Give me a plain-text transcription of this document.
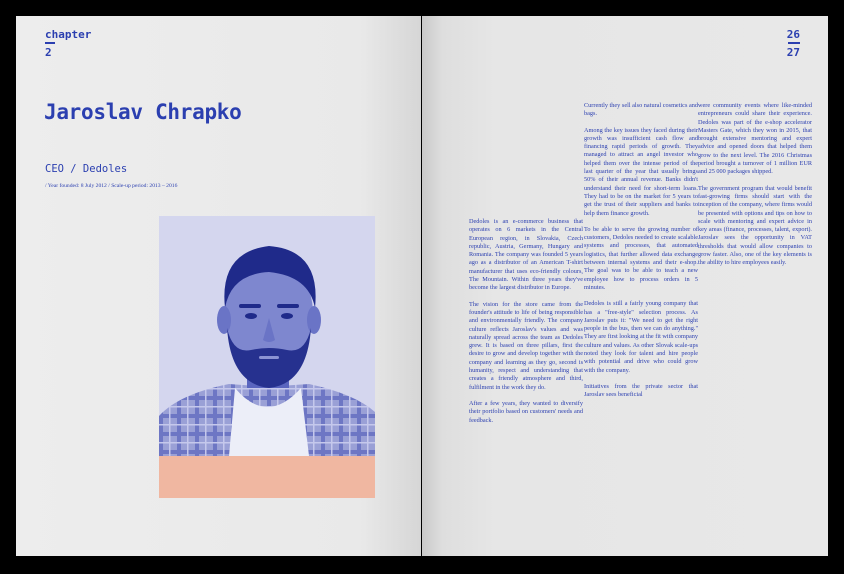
chapter
2
Jaroslav Chrapko
CEO / Dedoles
/ Year founded: 8 July 2012 / Scale-up period: 2013 – 2016
26
27

Dedoles is an e-commerce business that operates on 6 markets in the Central European region, in Slovakia, Czech republic, Austria, Germany, Hungary and Romania. The company was founded 5 years ago as a distributor of an American T-shirt manufacturer that uses eco-friendly colours, The Mountain. Within three years they've become the largest distributor in Europe.

The vision for the store came from the founder's attitude to life of being responsible and environmentally friendly. The company culture reflects Jaroslav's values and was naturally spread across the team as Dedoles grew. It is based on three pillars, first the desire to grow and develop together with the company and learning as they go, second is humanity, respect and understanding that creates a friendly atmosphere and third, fulfilment in the work they do.

After a few years, they wanted to diversify their portfolio based on customers' needs and feedback.

Currently they sell also natural cosmetics and bags.

Among the key issues they faced during their growth was insufficient cash flow and financing rapid periods of growth. They managed to attract an angel investor who helped them over the intense period of the last quarter of the year that usually brings 50% of their annual revenue. Banks didn't understand their need for short-term loans. They had to be on the market for 5 years to get the trust of their suppliers and banks to help them finance growth.

To be able to serve the growing number of customers, Dedoles needed to create scalable systems and processes, that automated logistics, that further allowed data exchange between internal systems and their e-shop. The goal was to be able to teach a new employee how to process orders in 5 minutes.

Dedoles is still a fairly young company that has a "free-style" selection process. As Jaroslav puts it: "We need to get the right people in the bus, then we can do anything." They are first looking at the fit with company culture and values. As other Slovak scale-ups noted they look for talent and hire people with potential and drive who could grow with the company.

Initiatives from the private sector that Jaroslav sees beneficial

were community events where like-minded entrepreneurs could share their experience. Dedoles was part of the e-shop accelerator Masters Gate, which they won in 2015, that brought extensive mentoring and expert advice and opened doors that helped them grow to the next level. The 2016 Christmas period brought a turnover of 1 million EUR and 25 000 packages shipped.

The government program that would benefit fast-growing firms should start with the inception of the company, where firms would be presented with options and tips on how to scale with mentoring and expert advice in key areas (finance, processes, talent, export). Jaroslav sees the opportunity in VAT thresholds that would allow companies to grow faster. Also, one of the key elements is the ability to hire employees easily.
